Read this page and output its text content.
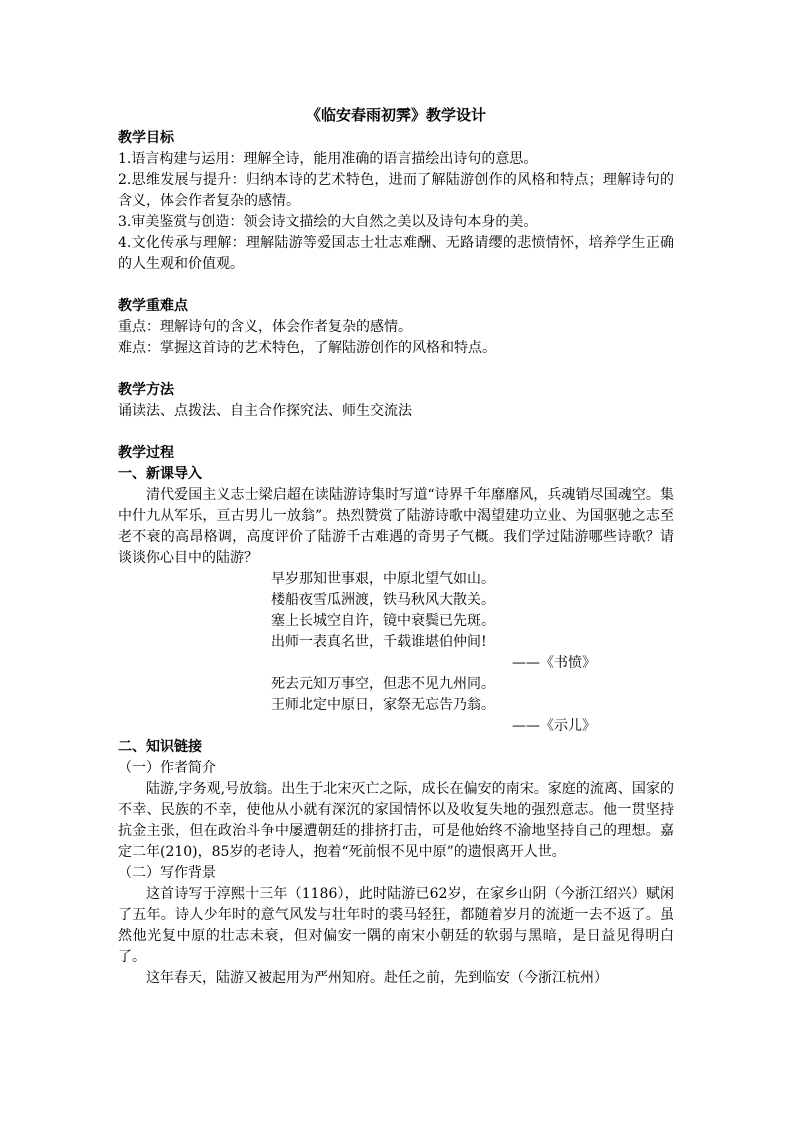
《临安春雨初霁》教学设计
教学目标
1.语言构建与运用：理解全诗，能用准确的语言描绘出诗句的意思。
2.思维发展与提升：归纳本诗的艺术特色，进而了解陆游创作的风格和特点；理解诗句的含义，体会作者复杂的感情。
3.审美鉴赏与创造：领会诗文描绘的大自然之美以及诗句本身的美。
4.文化传承与理解：理解陆游等爱国志士壮志难酬、无路请缨的悲愤情怀，培养学生正确的人生观和价值观。
教学重难点
重点：理解诗句的含义，体会作者复杂的感情。
难点：掌握这首诗的艺术特色，了解陆游创作的风格和特点。
教学方法
诵读法、点拨法、自主合作探究法、师生交流法
教学过程
一、新课导入
清代爱国主义志士梁启超在读陆游诗集时写道“诗界千年靡靡风，兵魂销尽国魂空。集中什九从军乐，亘古男儿一放翁”。热烈赞赏了陆游诗歌中渴望建功立业、为国驱驰之志至老不衰的高昂格调，高度评价了陆游千古难遇的奇男子气概。我们学过陆游哪些诗歌？请谈谈你心目中的陆游？
早岁那知世事艰，中原北望气如山。
楼船夜雪瓜洲渡，铁马秋风大散关。
塞上长城空自许，镜中衰鬓已先斑。
出师一表真名世，千载谁堪伯仲间!
——《书愤》
死去元知万事空，但悲不见九州同。
王师北定中原日，家祭无忘告乃翁。
——《示儿》
二、知识链接
（一）作者简介
陆游,字务观,号放翁。出生于北宋灭亡之际，成长在偏安的南宋。家庭的流离、国家的不幸、民族的不幸，使他从小就有深沉的家国情怀以及收复失地的强烈意志。他一贯坚持抗金主张，但在政治斗争中屡遭朝廷的排挤打击，可是他始终不渝地坚持自己的理想。嘉定二年(210)，85岁的老诗人，抱着“死前恨不见中原”的遗恨离开人世。
（二）写作背景
这首诗写于淳熙十三年（1186），此时陆游已62岁，在家乡山阴（今浙江绍兴）赋闲了五年。诗人少年时的意气风发与壮年时的裘马轻狂，都随着岁月的流逝一去不返了。虽然他光复中原的壮志未衰，但对偏安一隅的南宋小朝廷的软弱与黑暗，是日益见得明白了。
这年春天，陆游又被起用为严州知府。赴任之前，先到临安（今浙江杭州）
